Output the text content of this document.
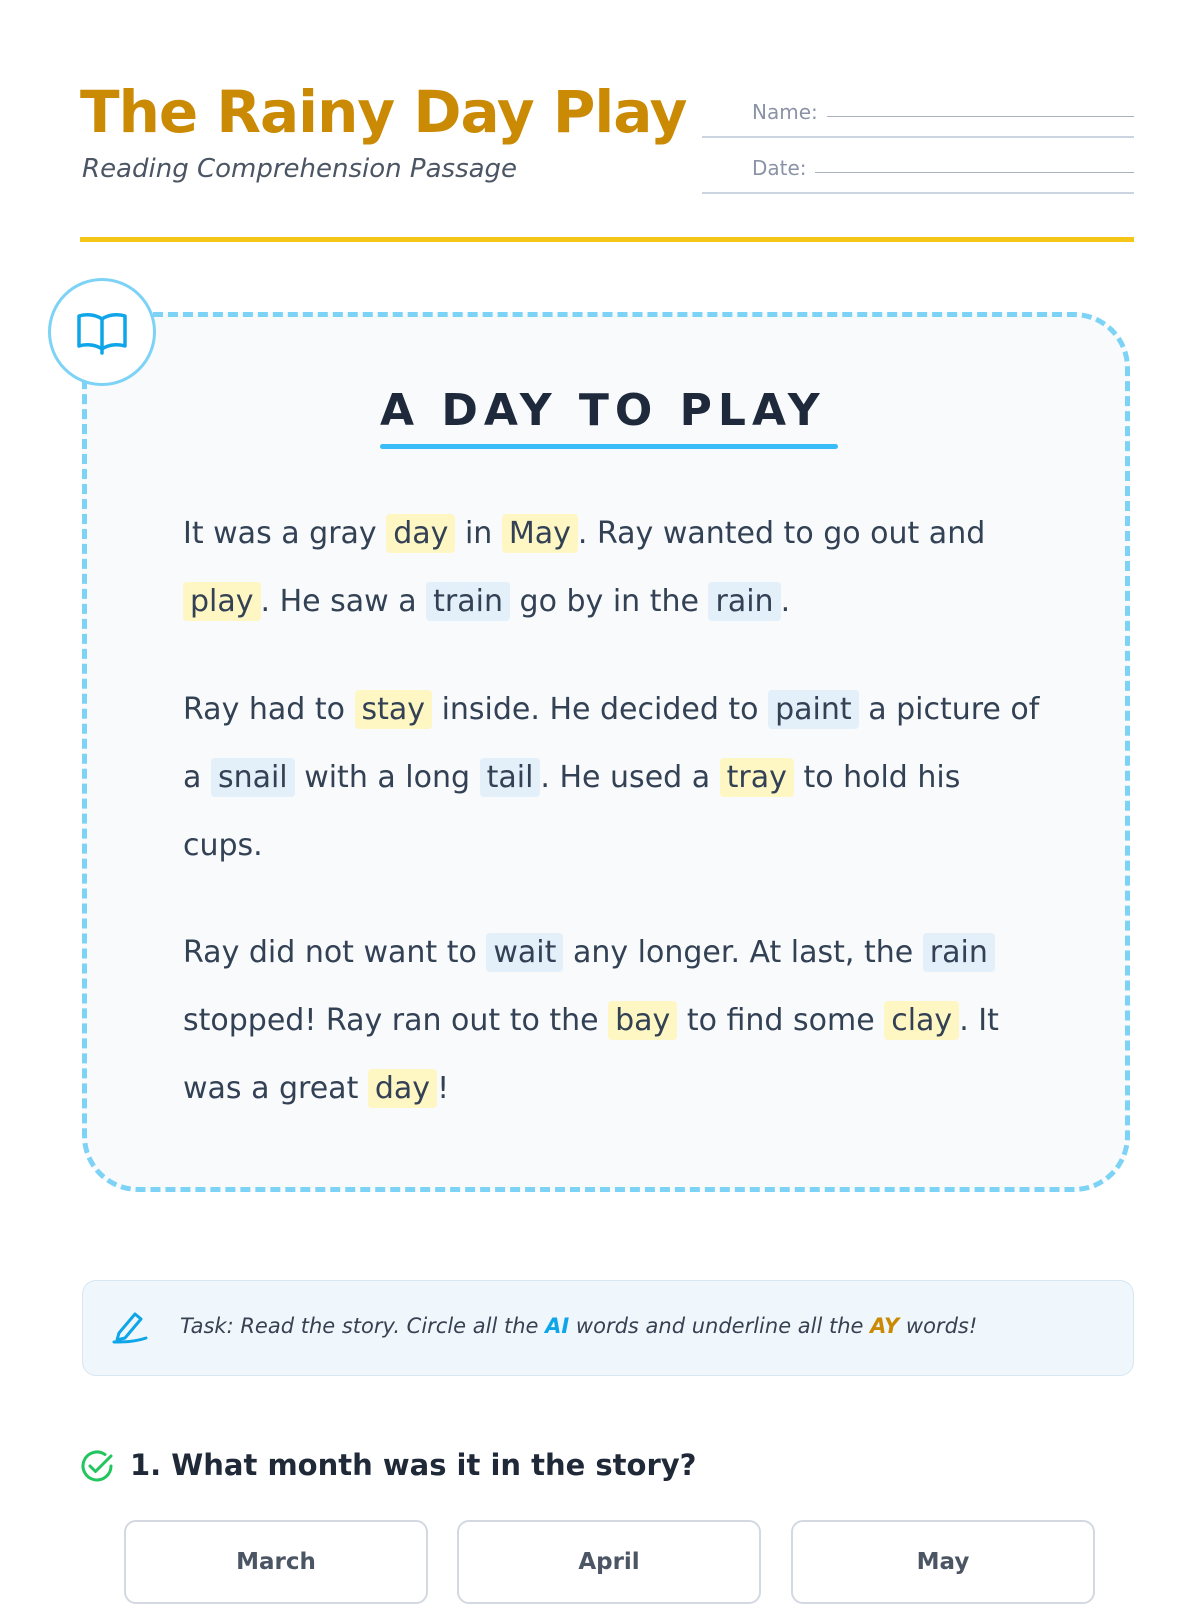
The Rainy Day Play

Reading Comprehension Passage

Name:
Date:
A DAY TO PLAY

It was a gray day in May . Ray wanted to go out and play . He saw a train go by in the rain .

Ray had to stay inside. He decided to paint a picture of a snail with a long tail . He used a tray to hold his cups.

Ray did not want to wait any longer. At last, the rain stopped! Ray ran out to the bay to find some clay . It was a great day !

Task: Read the story. Circle all the AI words and underline all the AY words!

1. What month was it in the story?

March	April	May
